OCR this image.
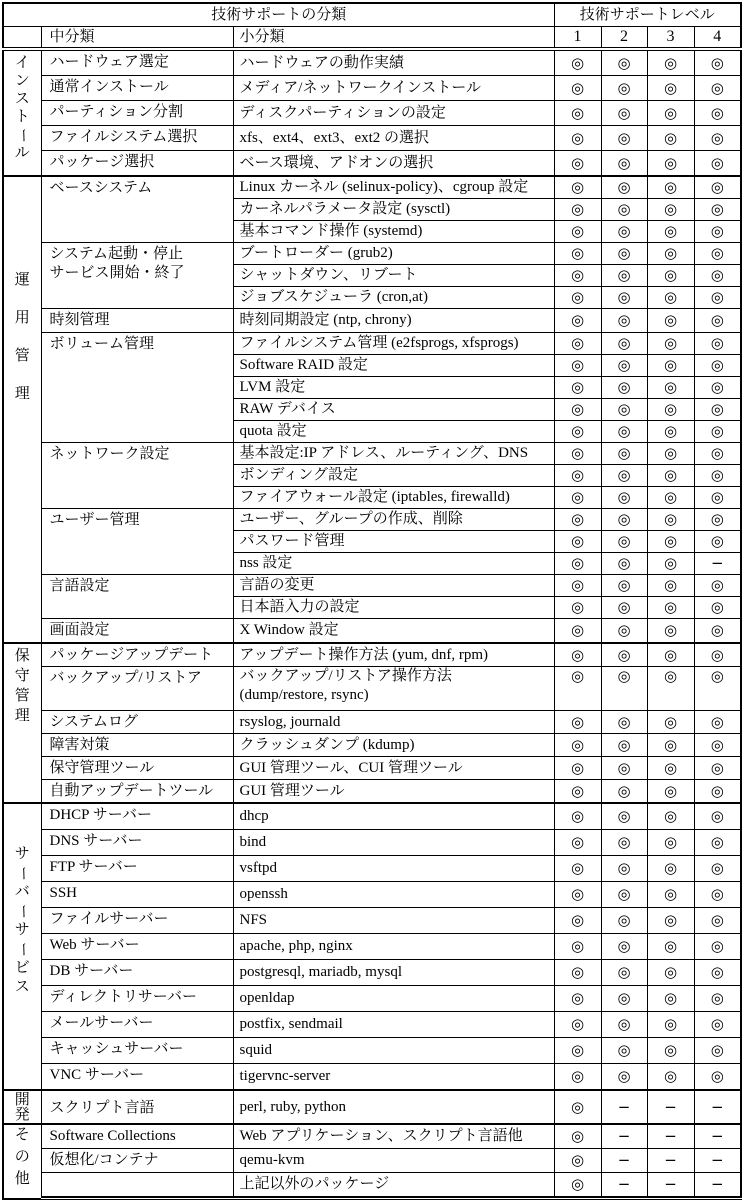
技術サポートの分類			技術サポートレベル			
	中分類	小分類	1	2	3	4

イ
ン
ス
ト
ー
ル
	ハードウェア選定	ハードウェアの動作実績	◎	◎	◎	◎
	通常インストール	メディア/ネットワークインストール	◎	◎	◎	◎
	パーティション分割	ディスクパーティションの設定	◎	◎	◎	◎
	ファイルシステム選択	xfs、ext4、ext3、ext2 の選択	◎	◎	◎	◎
	パッケージ選択	ベース環境、アドオンの選択	◎	◎	◎	◎

運
用
管
理	ベースシステム	Linux カーネル (selinux-policy)、cgroup 設定	◎	◎	◎	◎
		カーネルパラメータ設定 (sysctl)	◎	◎	◎	◎
		基本コマンド操作 (systemd)	◎	◎	◎	◎
	システム起動・停止
サービス開始・終了	ブートローダー (grub2)	◎	◎	◎	◎
		シャットダウン、リブート	◎	◎	◎	◎
		ジョブスケジューラ (cron,at)	◎	◎	◎	◎
	時刻管理	時刻同期設定 (ntp, chrony)	◎	◎	◎	◎
	ボリューム管理	ファイルシステム管理 (e2fsprogs, xfsprogs)	◎	◎	◎	◎
		Software RAID 設定	◎	◎	◎	◎
		LVM 設定	◎	◎	◎	◎
		RAW デバイス	◎	◎	◎	◎
		quota 設定	◎	◎	◎	◎
	ネットワーク設定	基本設定:IP アドレス、ルーティング、DNS	◎	◎	◎	◎
		ボンディング設定	◎	◎	◎	◎
		ファイアウォール設定 (iptables, firewalld)	◎	◎	◎	◎
	ユーザー管理	ユーザー、グループの作成、削除	◎	◎	◎	◎
		パスワード管理	◎	◎	◎	◎
		nss 設定	◎	◎	◎	−
	言語設定	言語の変更	◎	◎	◎	◎
		日本語入力の設定	◎	◎	◎	◎
	画面設定	X Window 設定	◎	◎	◎	◎

保
守
管
理	パッケージアップデート	アップデート操作方法 (yum, dnf, rpm)	◎	◎	◎	◎
	バックアップ/リストア	バックアップ/リストア操作方法
(dump/restore, rsync)	◎	◎	◎	◎
	システムログ	rsyslog, journald	◎	◎	◎	◎
	障害対策	クラッシュダンプ (kdump)	◎	◎	◎	◎
	保守管理ツール	GUI 管理ツール、CUI 管理ツール	◎	◎	◎	◎
	自動アップデートツール	GUI 管理ツール	◎	◎	◎	◎

サ
ー
バ
ー
サ
ー
ビ
ス
	DHCP サーバー	dhcp	◎	◎	◎	◎
	DNS サーバー	bind	◎	◎	◎	◎
	FTP サーバー	vsftpd	◎	◎	◎	◎
	SSH	openssh	◎	◎	◎	◎
	ファイルサーバー	NFS	◎	◎	◎	◎
	Web サーバー	apache, php, nginx	◎	◎	◎	◎
	DB サーバー	postgresql, mariadb, mysql	◎	◎	◎	◎
	ディレクトリサーバー	openldap	◎	◎	◎	◎
	メールサーバー	postfix, sendmail	◎	◎	◎	◎
	キャッシュサーバー	squid	◎	◎	◎	◎
	VNC サーバー	tigervnc-server	◎	◎	◎	◎

開
発	スクリプト言語	perl, ruby, python	◎	−	−	−

そ
の
他	Software Collections	Web アプリケーション、スクリプト言語他	◎	−	−	−
	仮想化/コンテナ	qemu-kvm	◎	−	−	−
		上記以外のパッケージ	◎	−	−	−
